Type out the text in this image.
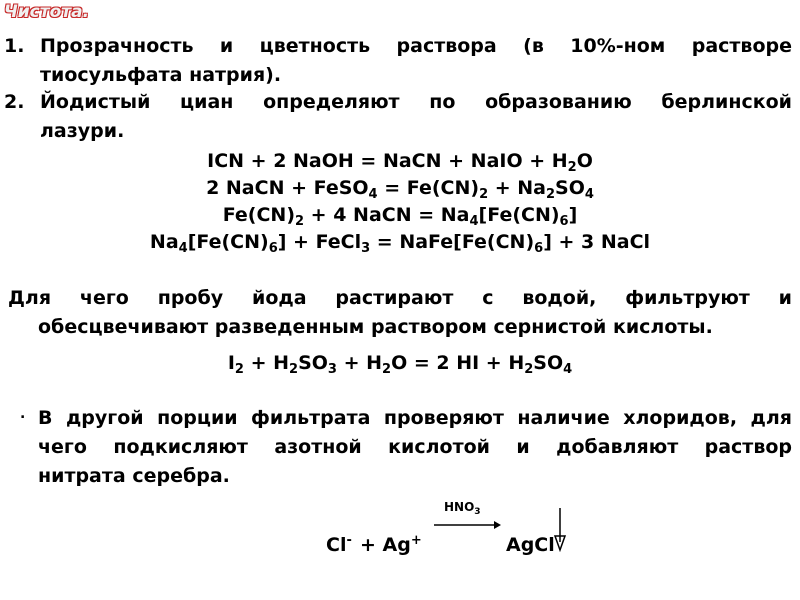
Чистота.
1. Прозрачность и цветность раствора (в 10%-ном растворе
тиосульфата натрия).
2. Йодистый циан определяют по образованию берлинской
лазури.
ICN + 2 NaOH = NaCN + NaIO + $H_2O$
2 NaCN + FeSO$_4$ = $Fe(CN)_2 + Na_2SO_4$
$Fe(CN)_2 + 4$ NaCN = $Na_4[Fe(CN)_6]$
$Na_4[Fe(CN)_6]$ + FeCl$_3$ = $NaFe[Fe(CN)_6] + 3$ NaCl
Для чего пробу йода растирают с водой, фильтруют и
обесцвечивают разведенным раствором сернистой кислоты.
$I_2 + H_2SO_3 + H_2O = 2$ HI + $H_2SO_4$
. В другой порции фильтрата проверяют наличие хлоридов, для
чего подкисляют азотной кислотой и добавляют раствор
нитрата серебра.
$HNO_3$
Cl- + Ag+	AgCl
